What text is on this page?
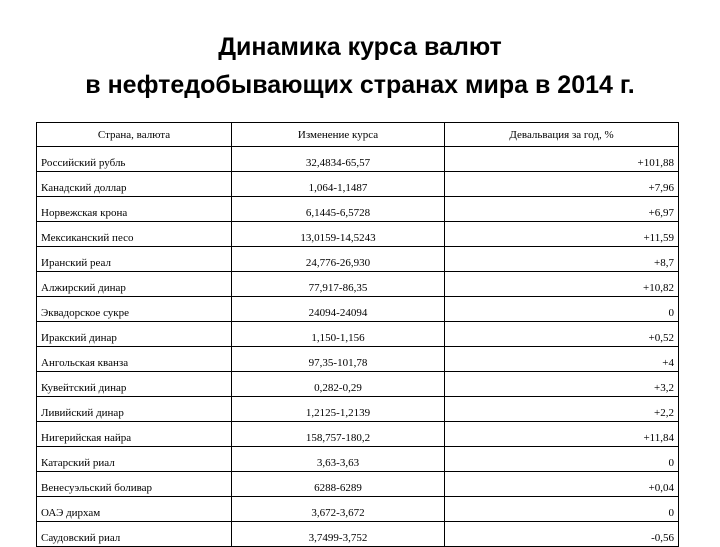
Динамика курса валют
в нефтедобывающих странах мира в 2014 г.
Страна, валюта	Изменение курса	Девальвация за год, %
Российский рубль	32,4834-65,57	+101,88
Канадский доллар	1,064-1,1487	+7,96
Норвежская крона	6,1445-6,5728	+6,97
Мексиканский песо	13,0159-14,5243	+11,59
Иранский реал	24,776-26,930	+8,7
Алжирский динар	77,917-86,35	+10,82
Эквадорское сукре	24094-24094	0
Иракский динар	1,150-1,156	+0,52
Ангольская кванза	97,35-101,78	+4
Кувейтский динар	0,282-0,29	+3,2
Ливийский динар	1,2125-1,2139	+2,2
Нигерийская найра	158,757-180,2	+11,84
Катарский риал	3,63-3,63	0
Венесуэльский боливар	6288-6289	+0,04
ОАЭ дирхам	3,672-3,672	0
Саудовский риал	3,7499-3,752	-0,56
